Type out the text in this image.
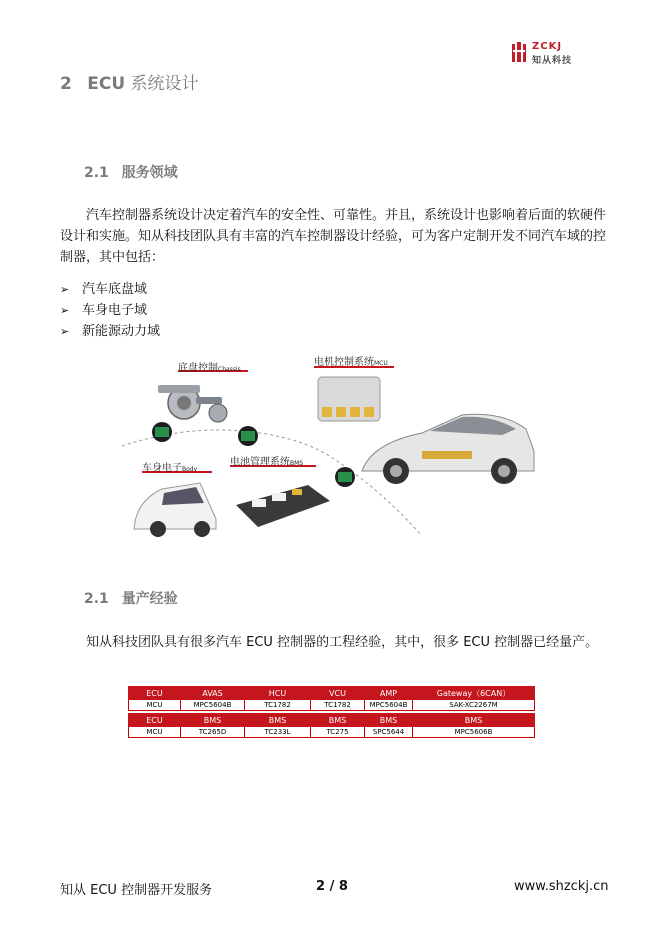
ZCKJ
知从科技
2 ECU 系统设计
2.1 服务领域
汽车控制器系统设计决定着汽车的安全性、可靠性。并且，系统设计也影响着后面的软硬件设计和实施。知从科技团队具有丰富的汽车控制器设计经验，可为客户定制开发不同汽车域的控制器，其中包括：
➢ 汽车底盘域
➢ 车身电子域
➢ 新能源动力域
底盘控制Chassis
电机控制系统MCU
车身电子Body
电池管理系统BMS
2.1 量产经验
知从科技团队具有很多汽车 ECU 控制器的工程经验，其中，很多 ECU 控制器已经量产。
ECU	AVAS	HCU	VCU	AMP	Gateway（6CAN）
MCU	MPC5604B	TC1782	TC1782	MPC5604B	SAK-XC2267M

ECU	BMS	BMS	BMS	BMS	BMS
MCU	TC265D	TC233L	TC275	SPC5644	MPC5606B
知从 ECU 控制器开发服务	2 / 8	www.shzckj.cn
